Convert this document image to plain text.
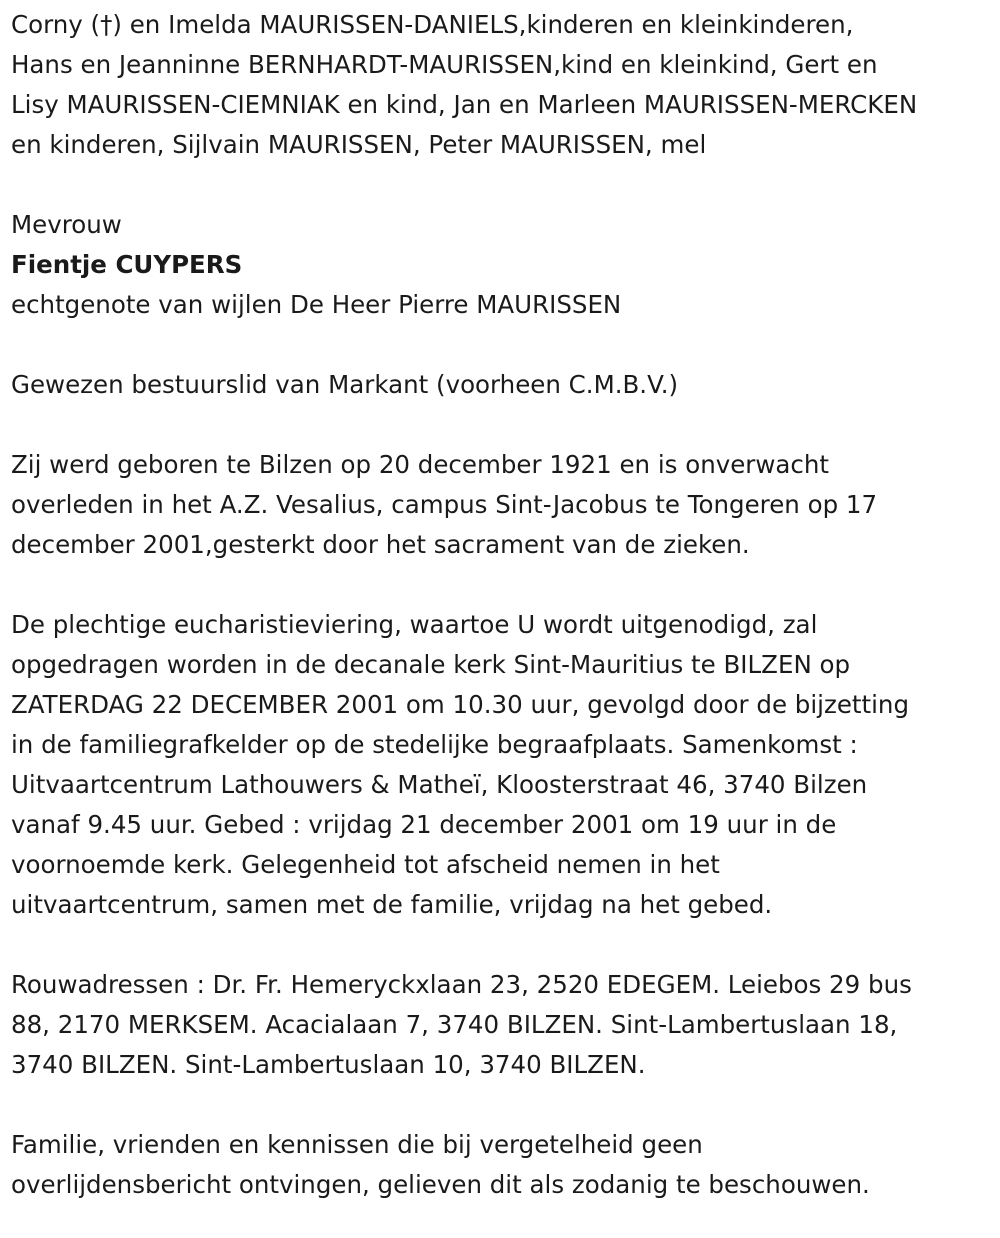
Corny (†) en Imelda MAURISSEN-DANIELS,kinderen en kleinkinderen,
Hans en Jeanninne BERNHARDT-MAURISSEN,kind en kleinkind, Gert en
Lisy MAURISSEN-CIEMNIAK en kind, Jan en Marleen MAURISSEN-MERCKEN
en kinderen, Sijlvain MAURISSEN, Peter MAURISSEN, mel

Mevrouw

Fientje CUYPERS

echtgenote van wijlen De Heer Pierre MAURISSEN

Gewezen bestuurslid van Markant (voorheen C.M.B.V.)

Zij werd geboren te Bilzen op 20 december 1921 en is onverwacht
overleden in het A.Z. Vesalius, campus Sint-Jacobus te Tongeren op 17
december 2001,gesterkt door het sacrament van de zieken.

De plechtige eucharistieviering, waartoe U wordt uitgenodigd, zal
opgedragen worden in de decanale kerk Sint-Mauritius te BILZEN op
ZATERDAG 22 DECEMBER 2001 om 10.30 uur, gevolgd door de bijzetting
in de familiegrafkelder op de stedelijke begraafplaats. Samenkomst :
Uitvaartcentrum Lathouwers & Matheï, Kloosterstraat 46, 3740 Bilzen
vanaf 9.45 uur. Gebed : vrijdag 21 december 2001 om 19 uur in de
voornoemde kerk. Gelegenheid tot afscheid nemen in het
uitvaartcentrum, samen met de familie, vrijdag na het gebed.

Rouwadressen : Dr. Fr. Hemeryckxlaan 23, 2520 EDEGEM. Leiebos 29 bus
88, 2170 MERKSEM. Acacialaan 7, 3740 BILZEN. Sint-Lambertuslaan 18,
3740 BILZEN. Sint-Lambertuslaan 10, 3740 BILZEN.

Familie, vrienden en kennissen die bij vergetelheid geen
overlijdensbericht ontvingen, gelieven dit als zodanig te beschouwen.
